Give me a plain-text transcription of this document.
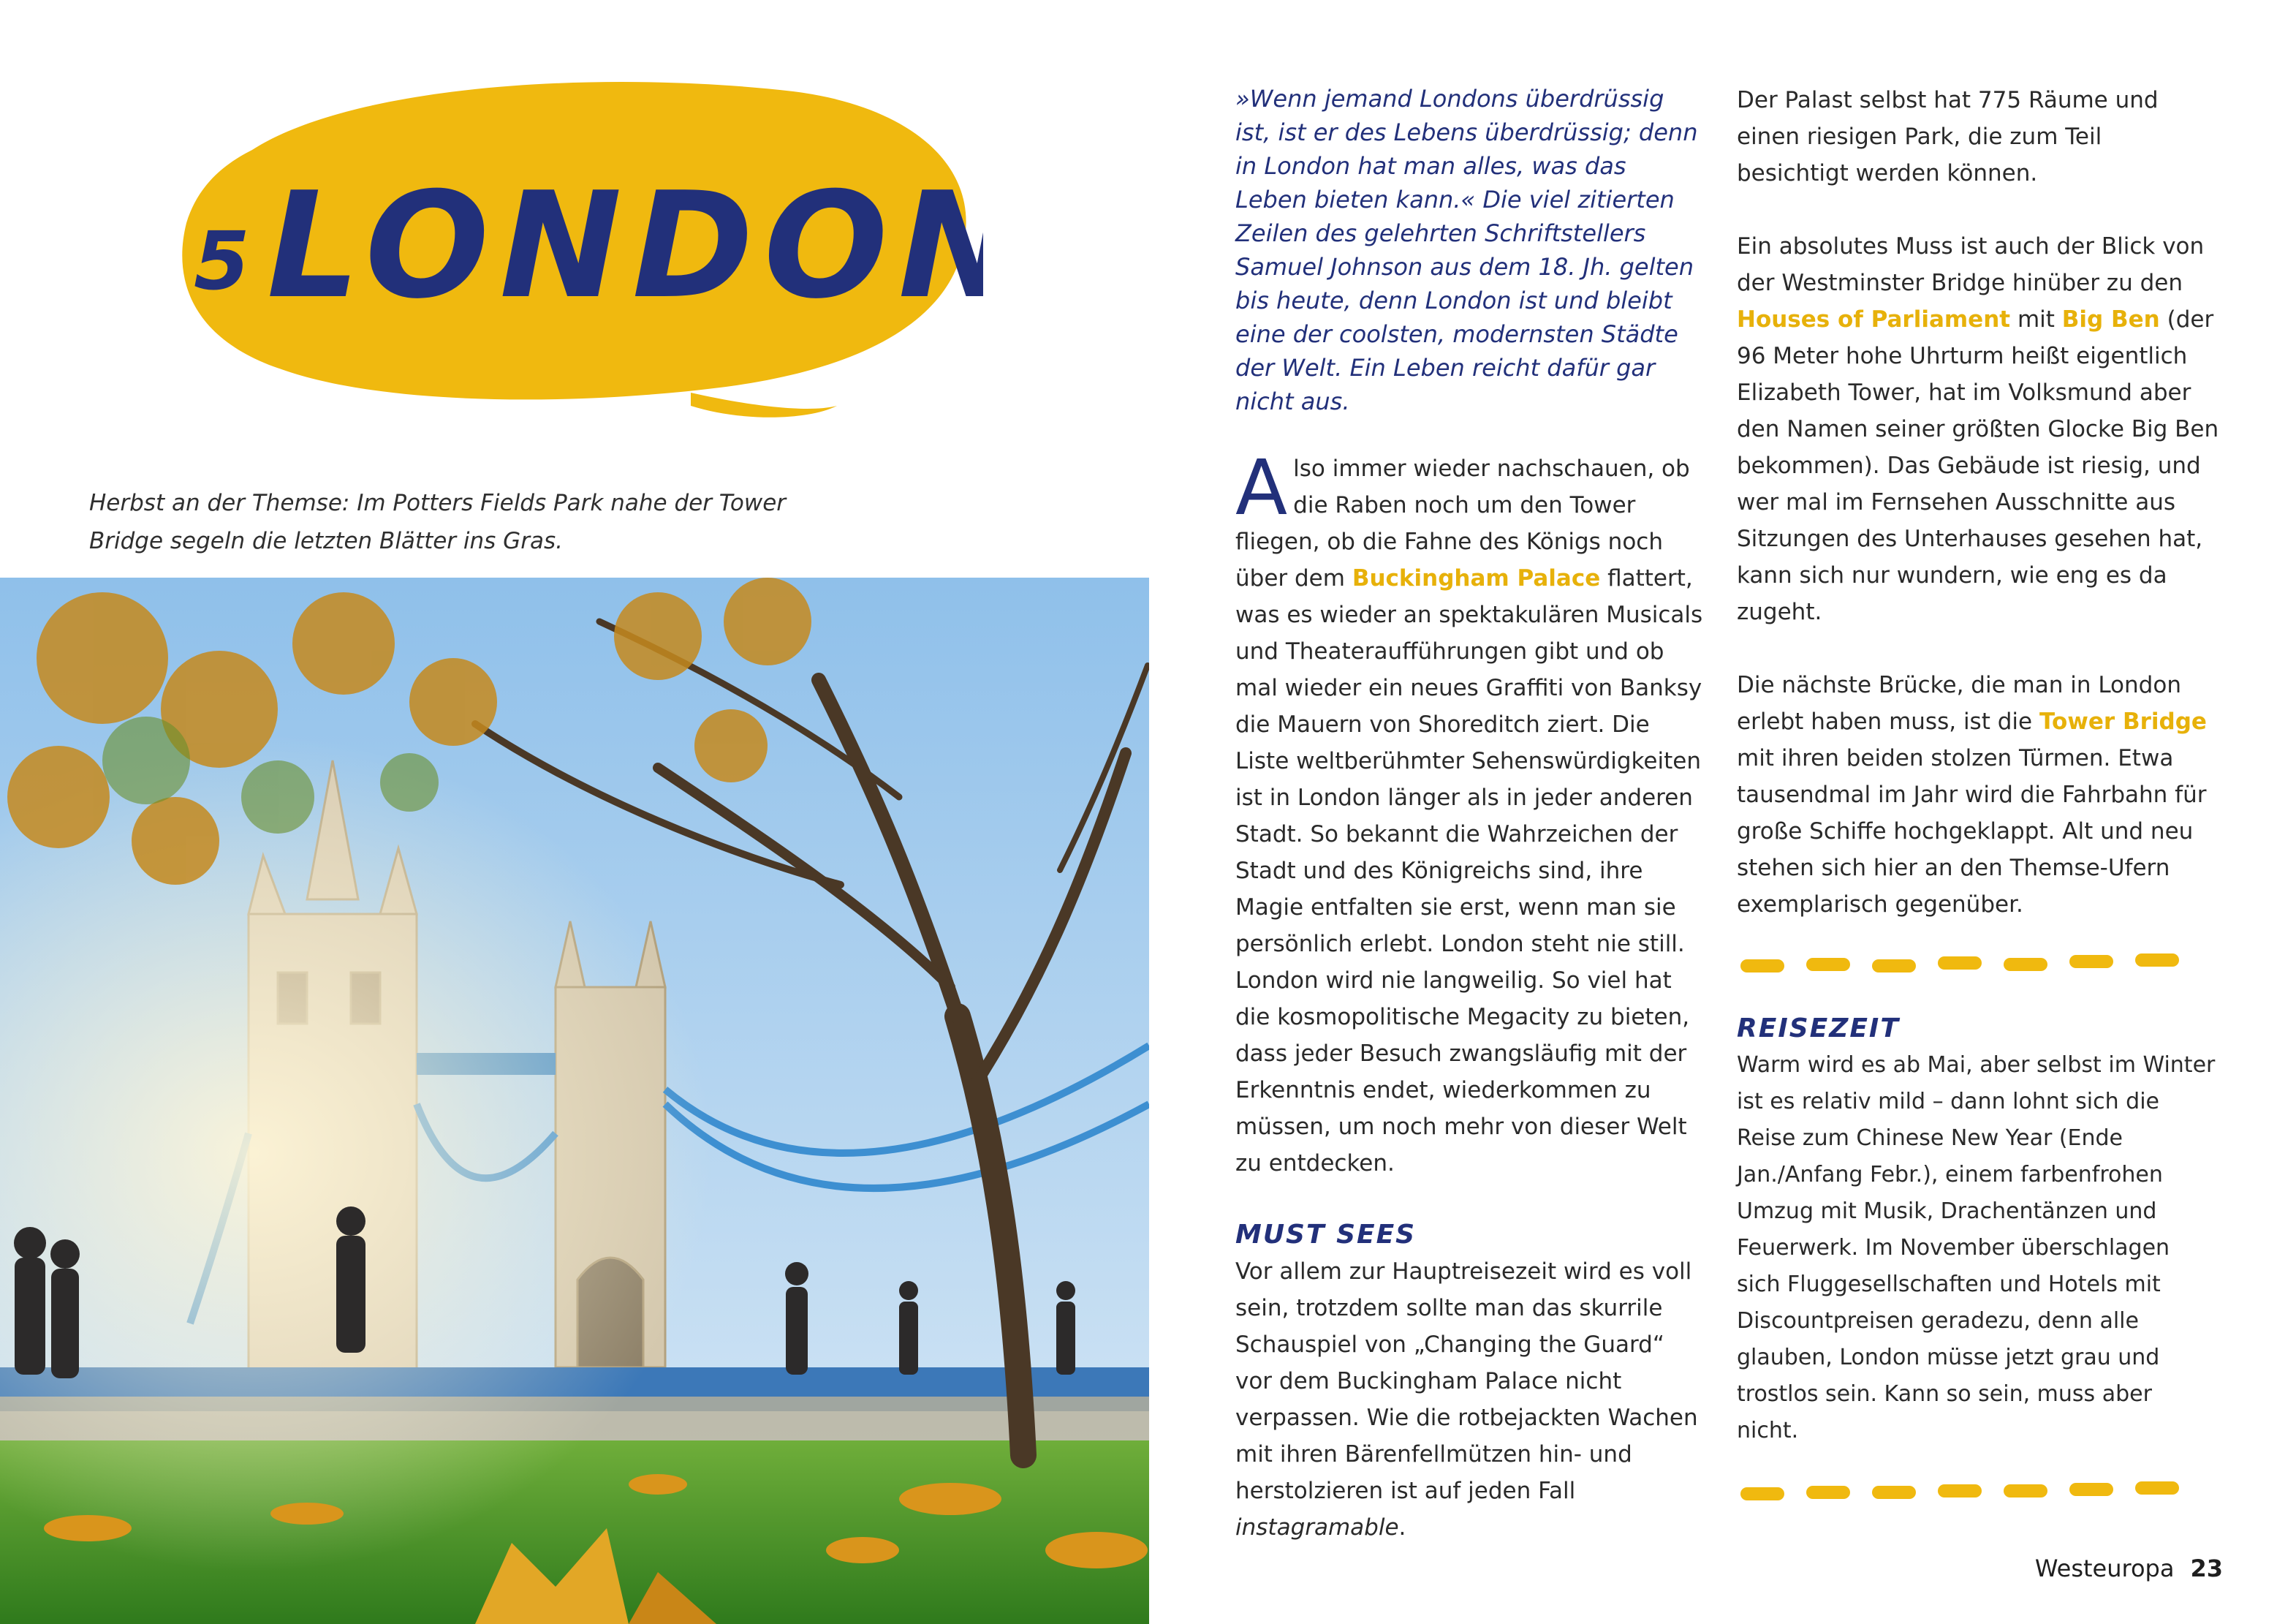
5 LONDON
Herbst an der Themse: Im Potters Fields Park nahe der Tower Bridge segeln die letzten Blätter ins Gras.

»Wenn jemand Londons überdrüssig ist, ist er des Lebens überdrüssig; denn in London hat man alles, was das Leben bieten kann.« Die viel zitierten Zeilen des gelehrten Schriftstellers Samuel Johnson aus dem 18. Jh. gelten bis heute, denn London ist und bleibt eine der coolsten, modernsten Städte der Welt. Ein Leben reicht dafür gar nicht aus.

Also immer wieder nachschauen, ob die Raben noch um den Tower fliegen, ob die Fahne des Königs noch über dem Buckingham Palace flattert, was es wieder an spektakulären Musicals und Theateraufführungen gibt und ob mal wieder ein neues Graffiti von Banksy die Mauern von Shoreditch ziert. Die Liste weltberühmter Sehenswürdigkeiten ist in London länger als in jeder anderen Stadt. So bekannt die Wahrzeichen der Stadt und des Königreichs sind, ihre Magie entfalten sie erst, wenn man sie persönlich erlebt. London steht nie still. London wird nie langweilig. So viel hat die kosmopolitische Megacity zu bieten, dass jeder Besuch zwangsläufig mit der Erkenntnis endet, wiederkommen zu müssen, um noch mehr von dieser Welt zu entdecken.

MUST SEES

Vor allem zur Hauptreisezeit wird es voll sein, trotzdem sollte man das skurrile Schauspiel von „Changing the Guard“ vor dem Buckingham Palace nicht verpassen. Wie die rotbejackten Wachen mit ihren Bärenfellmützen hin- und herstolzieren ist auf jeden Fall instagramable.

Der Palast selbst hat 775 Räume und einen riesigen Park, die zum Teil besichtigt werden können.

Ein absolutes Muss ist auch der Blick von der Westminster Bridge hinüber zu den Houses of Parliament mit Big Ben (der 96 Meter hohe Uhrturm heißt eigentlich Elizabeth Tower, hat im Volksmund aber den Namen seiner größten Glocke Big Ben bekommen). Das Gebäude ist riesig, und wer mal im Fernsehen Ausschnitte aus Sitzungen des Unterhauses gesehen hat, kann sich nur wundern, wie eng es da zugeht.

Die nächste Brücke, die man in London erlebt haben muss, ist die Tower Bridge mit ihren beiden stolzen Türmen. Etwa tausendmal im Jahr wird die Fahrbahn für große Schiffe hochgeklappt. Alt und neu stehen sich hier an den Themse-Ufern exemplarisch gegenüber.

REISEZEIT

Warm wird es ab Mai, aber selbst im Winter ist es relativ mild – dann lohnt sich die Reise zum Chinese New Year (Ende Jan./Anfang Febr.), einem farbenfrohen Umzug mit Musik, Drachentänzen und Feuerwerk. Im November überschlagen sich Fluggesellschaften und Hotels mit Discountpreisen geradezu, denn alle glauben, London müsse jetzt grau und trostlos sein. Kann so sein, muss aber nicht.

Westeuropa 23
